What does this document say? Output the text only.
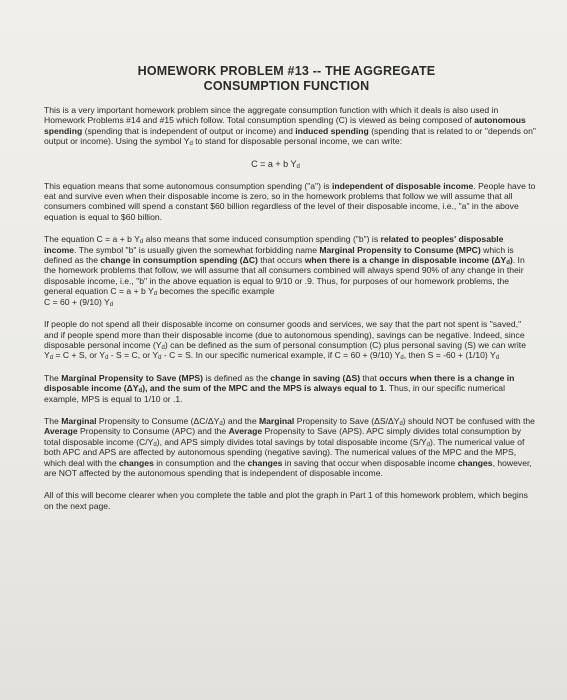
HOMEWORK PROBLEM #13 -- THE AGGREGATE
CONSUMPTION FUNCTION

This is a very important homework problem since the aggregate consumption function with which it deals is also used in Homework Problems #14 and #15 which follow. Total consumption spending (C) is viewed as being composed of autonomous spending (spending that is independent of output or income) and induced spending (spending that is related to or "depends on" output or income). Using the symbol $Y_d$ to stand for disposable personal income, we can write:

C = a + b $Y_d$

This equation means that some autonomous consumption spending ("a") is independent of disposable income. People have to eat and survive even when their disposable income is zero, so in the homework problems that follow we will assume that all consumers combined will spend a constant $60 billion regardless of the level of their disposable income, i.e., "a" in the above equation is equal to $60 billion.

The equation C = a + b $Y_d$ also means that some induced consumption spending ("b") is related to peoples' disposable income. The symbol "b" is usually given the somewhat forbidding name Marginal Propensity to Consume (MPC) which is defined as the change in consumption spending (ΔC) that occurs when there is a change in disposable income $(\Delta Y_d)$. In the homework problems that follow, we will assume that all consumers combined will always spend 90% of any change in their disposable income, i.e., "b" in the above equation is equal to 9/10 or .9. Thus, for purposes of our homework problems, the general equation C = a + b $Y_d$ becomes the specific example
C = 60 + (9/10) $Y_d$

If people do not spend all their disposable income on consumer goods and services, we say that the part not spent is "saved," and if people spend more than their disposable income (due to autonomous spending), savings can be negative. Indeed, since disposable personal income $(Y_d)$ can be defined as the sum of personal consumption (C) plus personal saving (S) we can write $Y_d = C + S$, or $Y_d - S = C$, or $Y_d - C = S$. In our specific numerical example, if C = 60 + (9/10) $Y_d$, then S = -60 + (1/10) $Y_d$

The Marginal Propensity to Save (MPS) is defined as the change in saving (ΔS) that occurs when there is a change in disposable income $(\Delta Y_d)$, and the sum of the MPC and the MPS is always equal to 1. Thus, in our specific numerical example, MPS is equal to 1/10 or .1.

The Marginal Propensity to Consume $(\Delta C/\Delta Y_d)$ and the Marginal Propensity to Save $(\Delta S/\Delta Y_d)$ should NOT be confused with the Average Propensity to Consume (APC) and the Average Propensity to Save (APS). APC simply divides total consumption by total disposable income $(C/Y_d)$, and APS simply divides total savings by total disposable income $(S/Y_d)$. The numerical value of both APC and APS are affected by autonomous spending (negative saving). The numerical values of the MPC and the MPS, which deal with the changes in consumption and the changes in saving that occur when disposable income changes, however, are NOT affected by the autonomous spending that is independent of disposable income.

All of this will become clearer when you complete the table and plot the graph in Part 1 of this homework problem, which begins on the next page.
